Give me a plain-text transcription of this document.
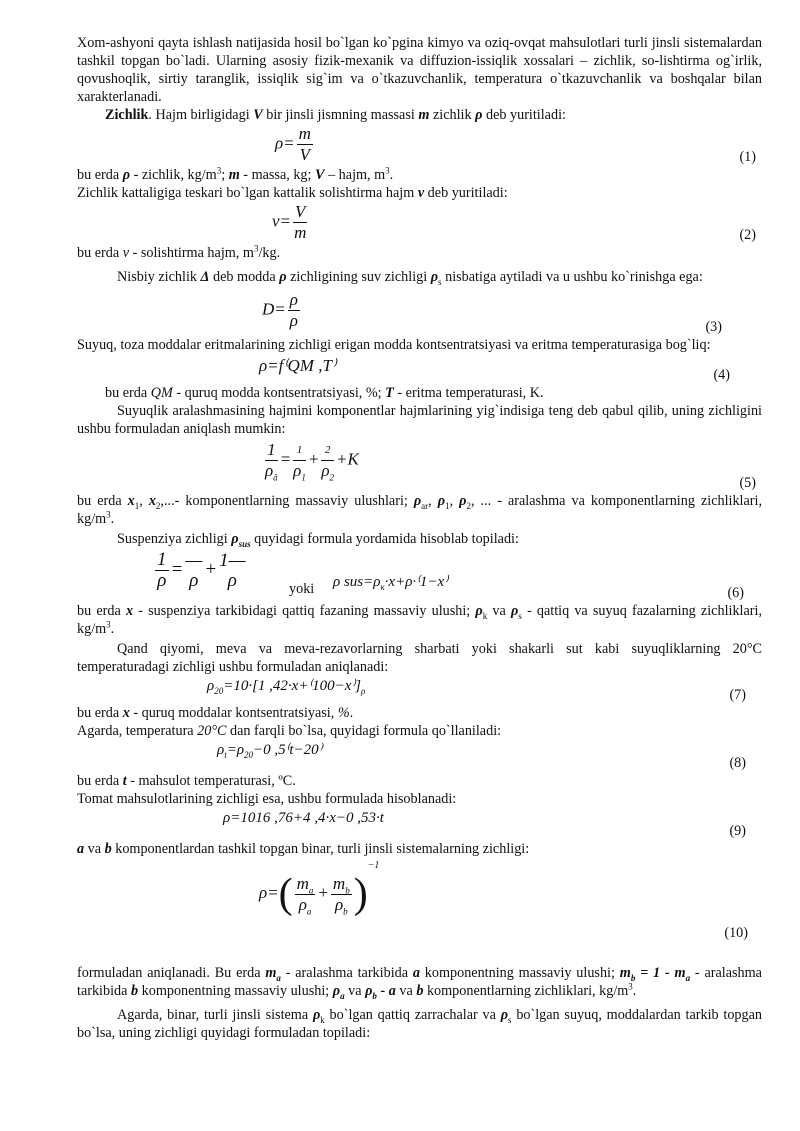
Xom-ashyoni qayta ishlash natijasida hosil bo`lgan ko`pgina kimyo va oziq-ovqat mahsulotlari turli jinsli sistemalardan tashkil topgan bo`ladi. Ularning asosiy fizik-mexanik va diffuzion-issiqlik xossalari – zichlik, so-lishtirma og`irlik, qovushoqlik, sirtiy taranglik, issiqlik sig`im va o`tkazuvchanlik, temperatura o`tkazuvchanlik va boshqalar bilan xarakterlanadi.

Zichlik. Hajm birligidagi V bir jinsli jismning massasi m zichlik ρ deb yuritiladi:

$\rho= \frac{m}{V}$	(1)

bu erda ρ - zichlik, $kg/m^3$; m - massa, kg; V – hajm, $m^3$.

Zichlik kattaligiga teskari bo`lgan kattalik solishtirma hajm v deb yuritiladi:

$v= \frac{V}{m}$	(2)

bu erda v - solishtirma hajm, $m^3/kg$.

Nisbiy zichlik Δ deb modda ρ zichligining suv zichligi $\rho_s$ nisbatiga aytiladi va u ushbu ko`rinishga ega:

$D= \frac{\rho}{\rho}$	(3)

Suyuq, toza moddalar eritmalarining zichligi erigan modda kontsentratsiyasi va eritma temperaturasiga bog`liq:

ρ=f⁽QM ,T⁾	(4)

bu erda QM - quruq modda kontsentratsiyasi, %; T - eritma temperaturasi, K.

Suyuqlik aralashmasining hajmini komponentlar hajmlarining yig`indisiga teng deb qabul qilib, uning zichligini ushbu formuladan aniqlash mumkin:

$\frac{1}{\rho_ǎ} = \frac{1}{\rho_1} + \frac{2}{\rho_2} +K$
(5)

bu erda $x_1$, $x_2,...-$ komponentlarning massaviy ulushlari; $\rho_{ar}$, $\rho_1$, $\rho_2$, ... - aralashma va komponentlarning zichliklari, $kg/m^3$.

Suspenziya zichligi $\rho_{sus}$ quyidagi formula yordamida hisoblab topiladi:

$\frac{1}{\rho}$ = —
ρ
+ 1—
ρ	yoki ρ $sus=\rho_к\cdot x+\rho\cdot^(1-x^)$
(6)

bu erda x - suspenziya tarkibidagi qattiq fazaning massaviy ulushi; $\rho_k$ va $\rho_s$ - qattiq va suyuq fazalarning zichliklari, $kg/m^3$.

Qand qiyomi, meva va meva-rezavorlarning sharbati yoki shakarli sut kabi suyuqliklarning 20°C temperaturadagi zichligi ushbu formuladan aniqlanadi:

$\rho_{20}=10\cdot[1$ $,42\cdot x+^(100-x^)]_\rho$	(7)

bu erda x - quruq moddalar kontsentratsiyasi, %.

Agarda, temperatura 20°C dan farqli bo`lsa, quyidagi formula qo`llaniladi:

$\rho_t=\rho_{20}-0$ ,5⁽t−20⁾
(8)

bu erda t - mahsulot temperaturasi, ºC.

Tomat mahsulotlarining zichligi esa, ushbu formulada hisoblanadi:

ρ=1016 ,76+4 ,4·x−0 ,53·t
(9)

a va b komponentlardan tashkil topgan binar, turli jinsli sistemalarning zichligi:

$\rho=( \frac{m_a}{\rho_a} + \frac{m_b}{\rho_b} )^{-1}$
(10)

formuladan aniqlanadi. Bu erda $m_a$ - aralashma tarkibida a komponentning massaviy ulushi; $m_b = 1 - m_a$ - aralashma tarkibida b komponentning massaviy ulushi; $\rho_a$ va $\rho_b$ - a va b komponentlarning zichliklari, $kg/m^3$.

Agarda, binar, turli jinsli sistema $\rho_k$ bo`lgan qattiq zarrachalar va $\rho_s$ bo`lgan suyuq, moddalardan tarkib topgan bo`lsa, uning zichligi quyidagi formuladan topiladi:
